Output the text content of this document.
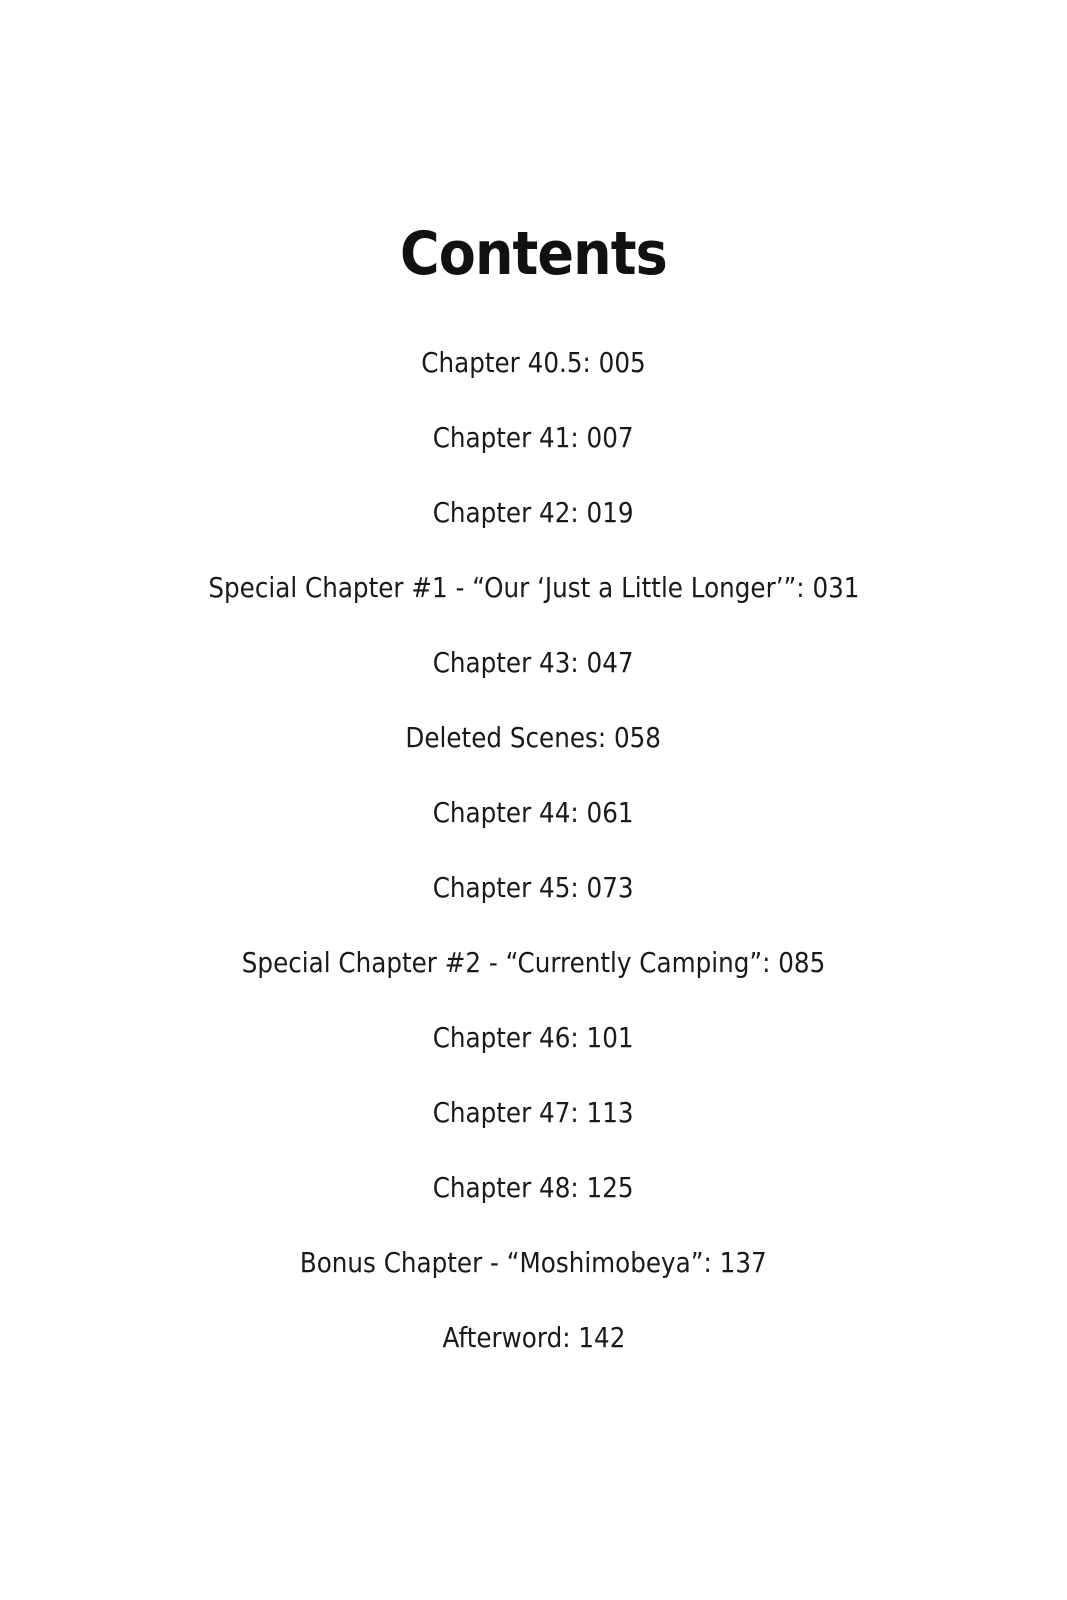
Contents
Chapter 40.5: 005
Chapter 41: 007
Chapter 42: 019
Special Chapter #1 - “Our ‘Just a Little Longer’”: 031
Chapter 43: 047
Deleted Scenes: 058
Chapter 44: 061
Chapter 45: 073
Special Chapter #2 - “Currently Camping”: 085
Chapter 46: 101
Chapter 47: 113
Chapter 48: 125
Bonus Chapter - “Moshimobeya”: 137
Afterword: 142
